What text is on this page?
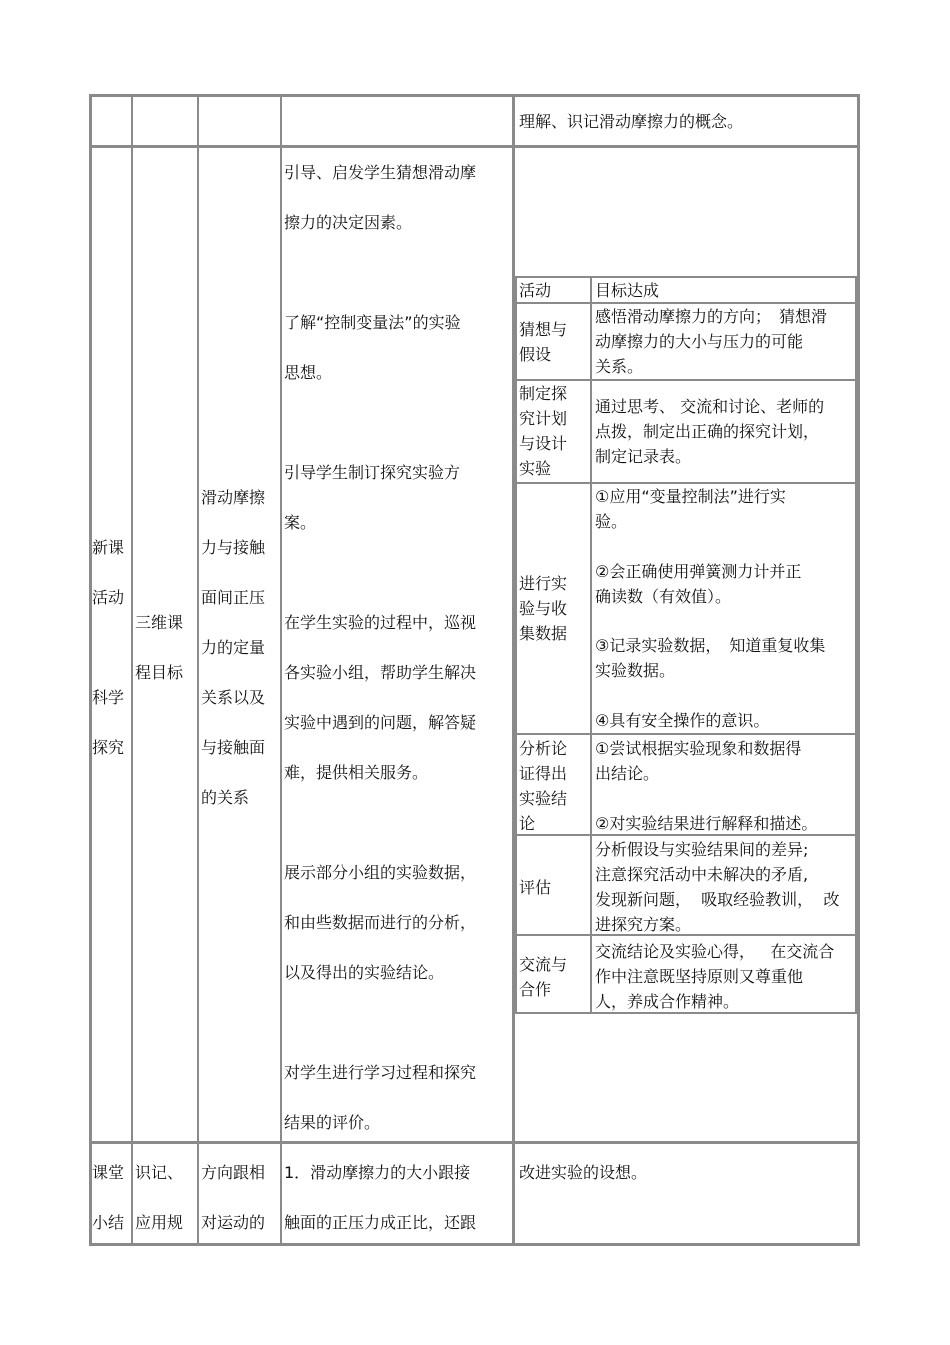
理解、识记滑动摩擦力的概念。
新课
活动
科学
探究
三维课
程目标
滑动摩擦
力与接触
面间正压
力的定量
关系以及
与接触面
的关系
引导、启发学生猜想滑动摩
擦力的决定因素。
了解“控制变量法”的实验
思想。
引导学生制订探究实验方
案。
在学生实验的过程中，巡视
各实验小组，帮助学生解决
实验中遇到的问题，解答疑
难，提供相关服务。
展示部分小组的实验数据，
和由些数据而进行的分析，
以及得出的实验结论。
对学生进行学习过程和探究
结果的评价。
活动	目标达成
猜想与
假设
感悟滑动摩擦力的方向；　猜想滑
动摩擦力的大小与压力的可能
关系。
制定探
究计划
与设计
实验
通过思考、 交流和讨论、老师的
点拨，制定出正确的探究计划，
制定记录表。
进行实
验与收
集数据
①应用“变量控制法”进行实
验。
②会正确使用弹簧测力计并正
确读数（有效值）。
③记录实验数据，　知道重复收集
实验数据。
④具有安全操作的意识。
分析论
证得出
实验结
论
①尝试根据实验现象和数据得
出结论。
②对实验结果进行解释和描述。
评估
分析假设与实验结果间的差异;
注意探究活动中未解决的矛盾,
发现新问题，  吸取经验教训，  改
进探究方案。
交流与
合作
交流结论及实验心得，   在交流合
作中注意既坚持原则又尊重他
人，养成合作精神。
课堂
小结
识记、
应用规
方向跟相
对运动的
1．滑动摩擦力的大小跟接
触面的正压力成正比，还跟
改进实验的设想。
